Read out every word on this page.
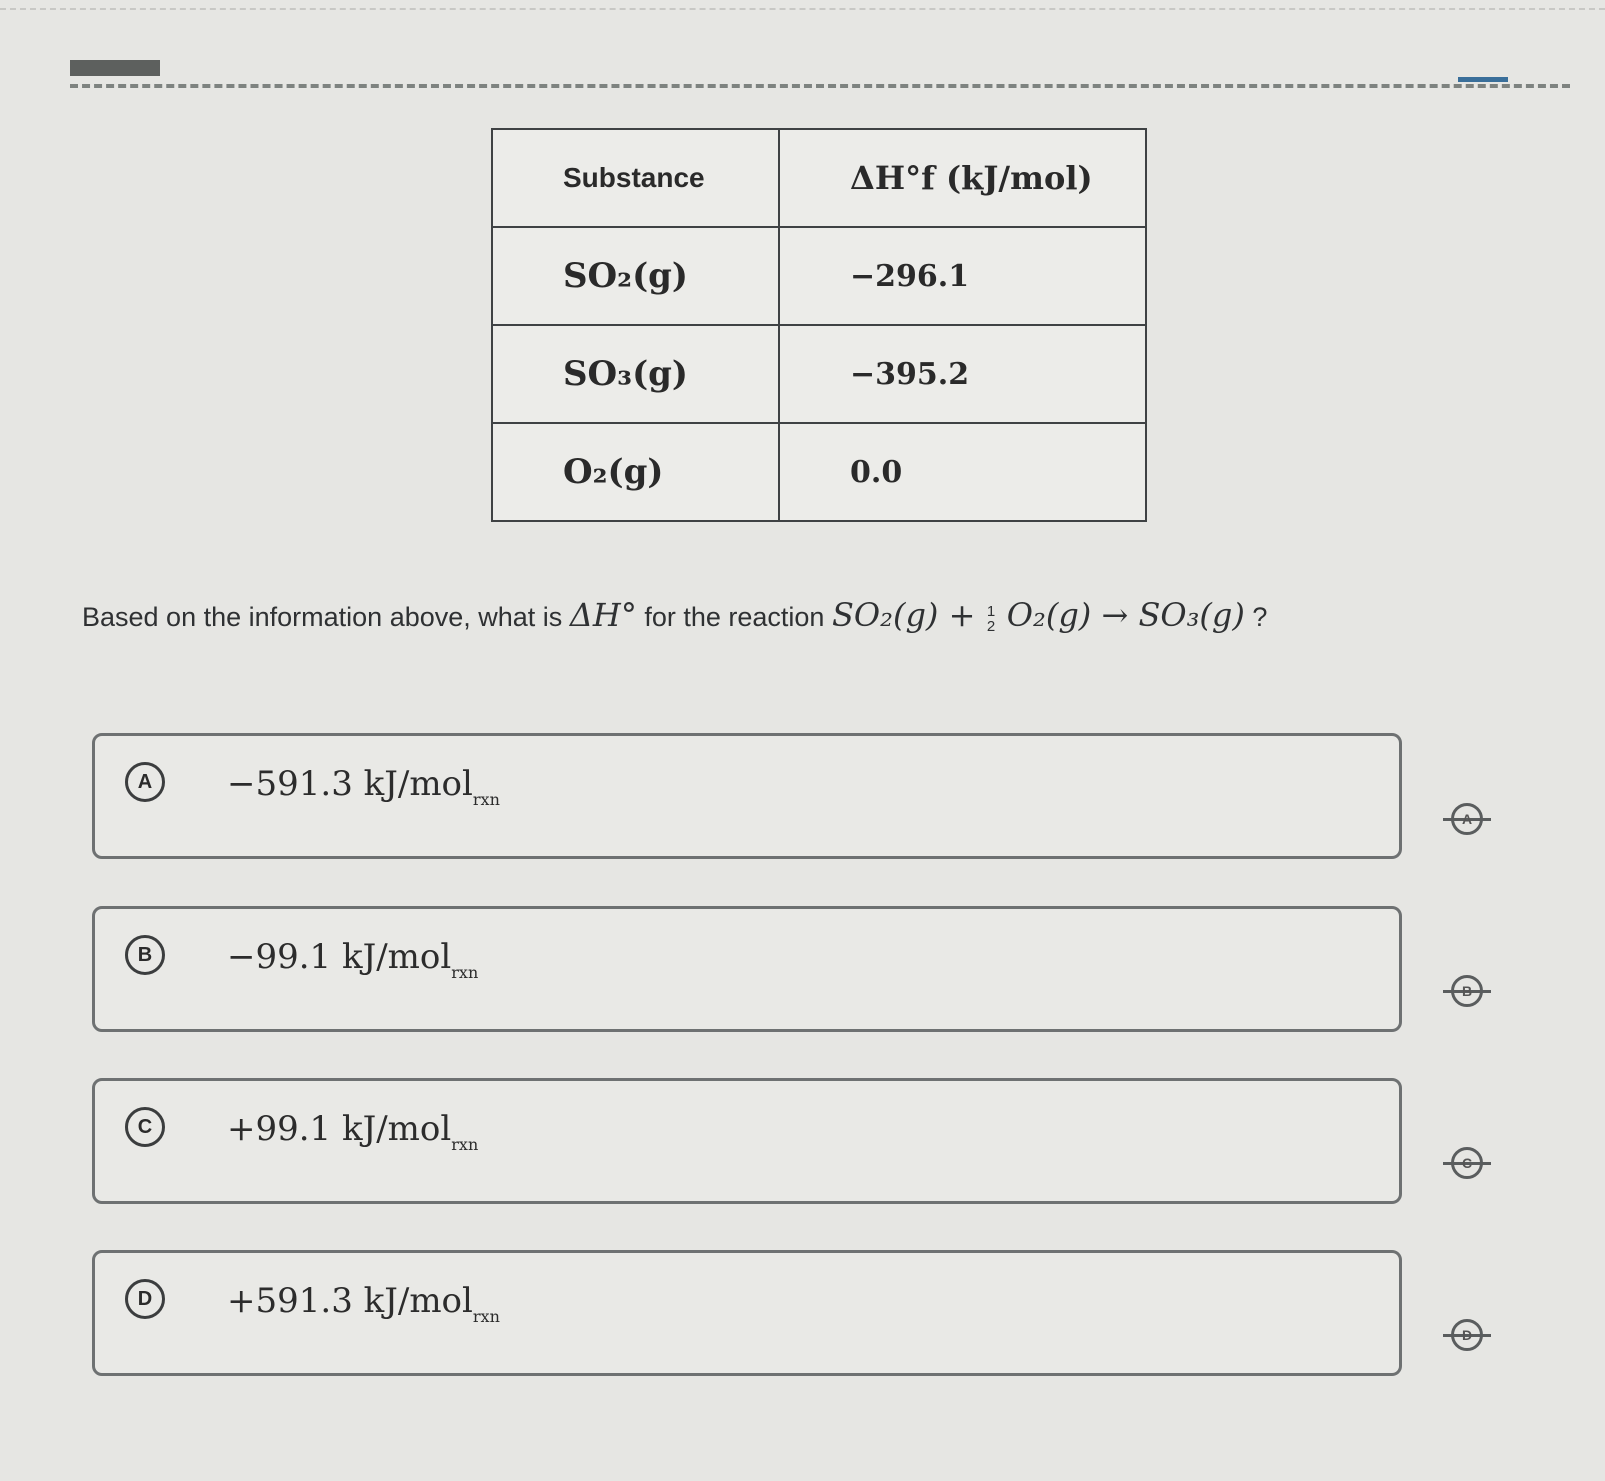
Substance	ΔH°f (kJ/mol)
SO₂(g)	−296.1
SO₃(g)	−395.2
O₂(g)	0.0
Based on the information above, what is ΔH° for the reaction SO₂(g) + 1
2 O₂(g) → SO₃(g) ?
A	−591.3 kJ/mol$_{rxn}$
A
B	−99.1 kJ/mol$_{rxn}$
B
C	+99.1 kJ/mol$_{rxn}$
C
D	+591.3 kJ/mol$_{rxn}$
D
